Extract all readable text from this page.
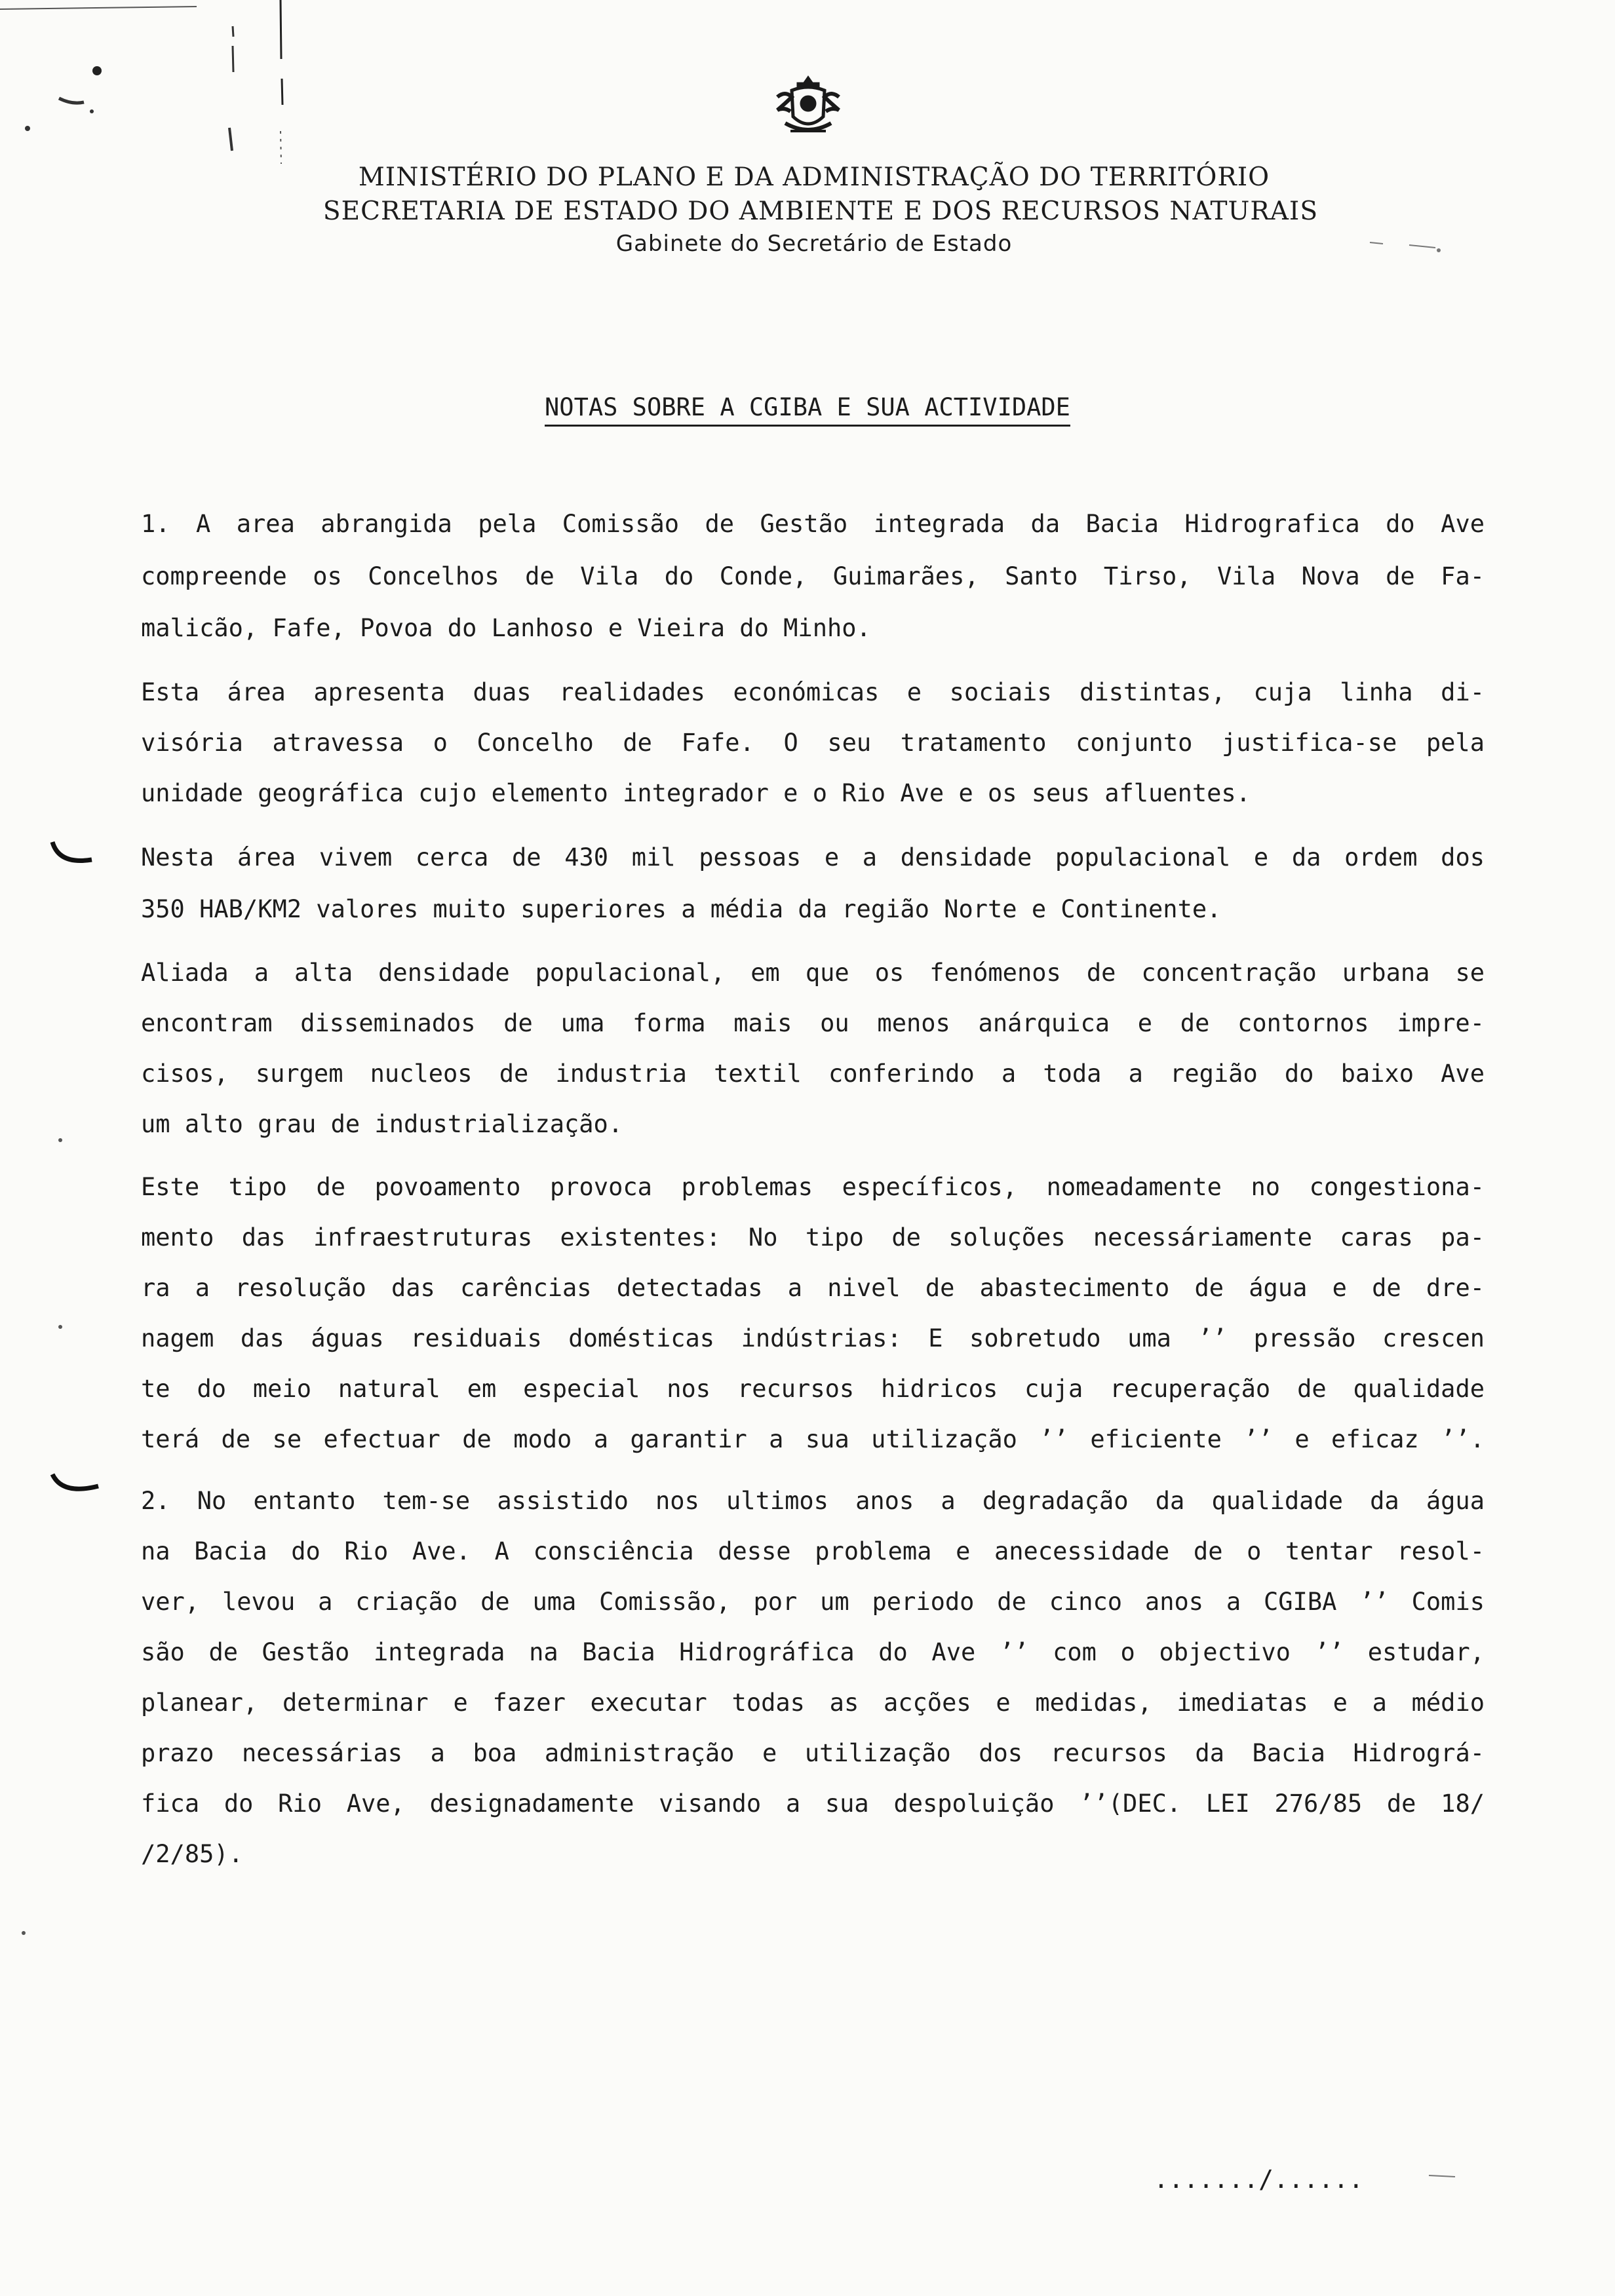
MINISTÉRIO DO PLANO E DA ADMINISTRAÇÃO DO TERRITÓRIO
SECRETARIA DE ESTADO DO AMBIENTE E DOS RECURSOS NATURAIS
Gabinete do Secretário de Estado
NOTAS SOBRE A CGIBA E SUA ACTIVIDADE
1. A area abrangida pela Comissão de Gestão integrada da Bacia Hidrografica do Ave
compreende os Concelhos de Vila do Conde, Guimarães, Santo Tirso, Vila Nova de Fa-
malicão, Fafe, Povoa do Lanhoso e Vieira do Minho.
Esta área apresenta duas realidades económicas e sociais distintas, cuja linha di-
visória atravessa o Concelho de Fafe. O seu tratamento conjunto justifica-se pela
unidade geográfica cujo elemento integrador e o Rio Ave e os seus afluentes.
Nesta área vivem cerca de 430 mil pessoas e a densidade populacional e da ordem dos
350 HAB/KM2 valores muito superiores a média da região Norte e Continente.
Aliada a alta densidade populacional, em que os fenómenos de concentração urbana se
encontram disseminados de uma forma mais ou menos anárquica e de contornos impre-
cisos, surgem nucleos de industria textil conferindo a toda a região do baixo Ave
um alto grau de industrialização.
Este tipo de povoamento provoca problemas específicos, nomeadamente no congestiona-
mento das infraestruturas existentes: No tipo de soluções necessáriamente caras pa-
ra a resolução das carências detectadas a nivel de abastecimento de água e de dre-
nagem das águas residuais domésticas indústrias: E sobretudo uma ’’ pressão crescen
te do meio natural em especial nos recursos hidricos cuja recuperação de qualidade
terá de se efectuar de modo a garantir a sua utilização ’’ eficiente ’’ e eficaz ’’.
2. No entanto tem-se assistido nos ultimos anos a degradação da qualidade da água
na Bacia do Rio Ave. A consciência desse problema e anecessidade de o tentar resol-
ver, levou a criação de uma Comissão, por um periodo de cinco anos a CGIBA ’’ Comis
são de Gestão integrada na Bacia Hidrográfica do Ave ’’ com o objectivo ’’ estudar,
planear, determinar e fazer executar todas as acções e medidas, imediatas e a médio
prazo necessárias a boa administração e utilização dos recursos da Bacia Hidrográ-
fica do Rio Ave, designadamente visando a sua despoluição ’’(DEC. LEI 276/85 de 18/
/2/85).
......./......
